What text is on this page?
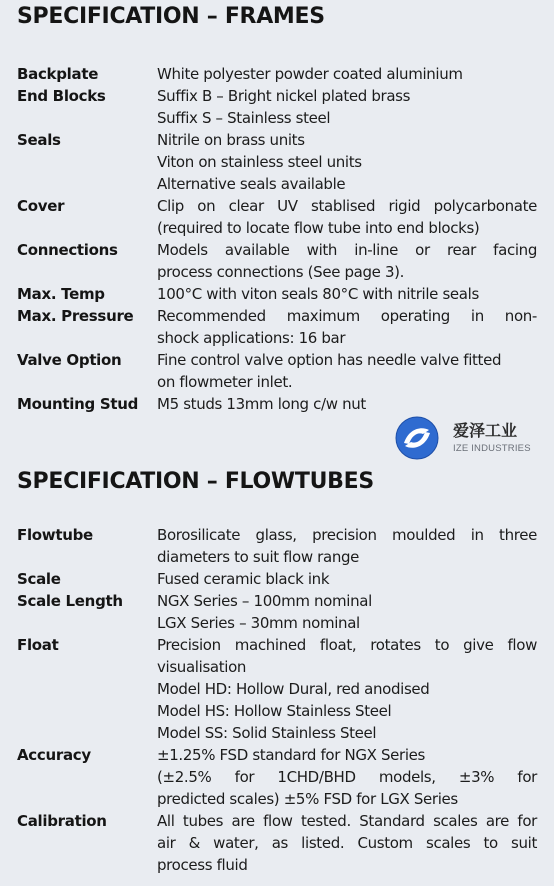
SPECIFICATION – FRAMES
Backplate	White polyester powder coated aluminium
End Blocks	Suffix B – Bright nickel plated brass
Suffix S – Stainless steel
Seals	Nitrile on brass units
Viton on stainless steel units
Alternative seals available
Cover	Clip on clear UV stablised rigid polycarbonate
(required to locate flow tube into end blocks)
Connections	Models available with in-line or rear facing
process connections (See page 3).
Max. Temp	100°C with viton seals 80°C with nitrile seals
Max. Pressure	Recommended maximum operating in non-
shock applications: 16 bar
Valve Option	Fine control valve option has needle valve fitted
on flowmeter inlet.
Mounting Stud	M5 studs 13mm long c/w nut
爱泽工业
IZE INDUSTRIES
SPECIFICATION – FLOWTUBES
Flowtube	Borosilicate glass, precision moulded in three
diameters to suit flow range
Scale	Fused ceramic black ink
Scale Length	NGX Series – 100mm nominal
LGX Series – 30mm nominal
Float	Precision machined float, rotates to give flow
visualisation
Model HD: Hollow Dural, red anodised
Model HS: Hollow Stainless Steel
Model SS: Solid Stainless Steel
Accuracy	±1.25% FSD standard for NGX Series
(±2.5% for 1CHD/BHD models, ±3% for
predicted scales) ±5% FSD for LGX Series
Calibration	All tubes are flow tested. Standard scales are for
air & water, as listed. Custom scales to suit
process fluid
